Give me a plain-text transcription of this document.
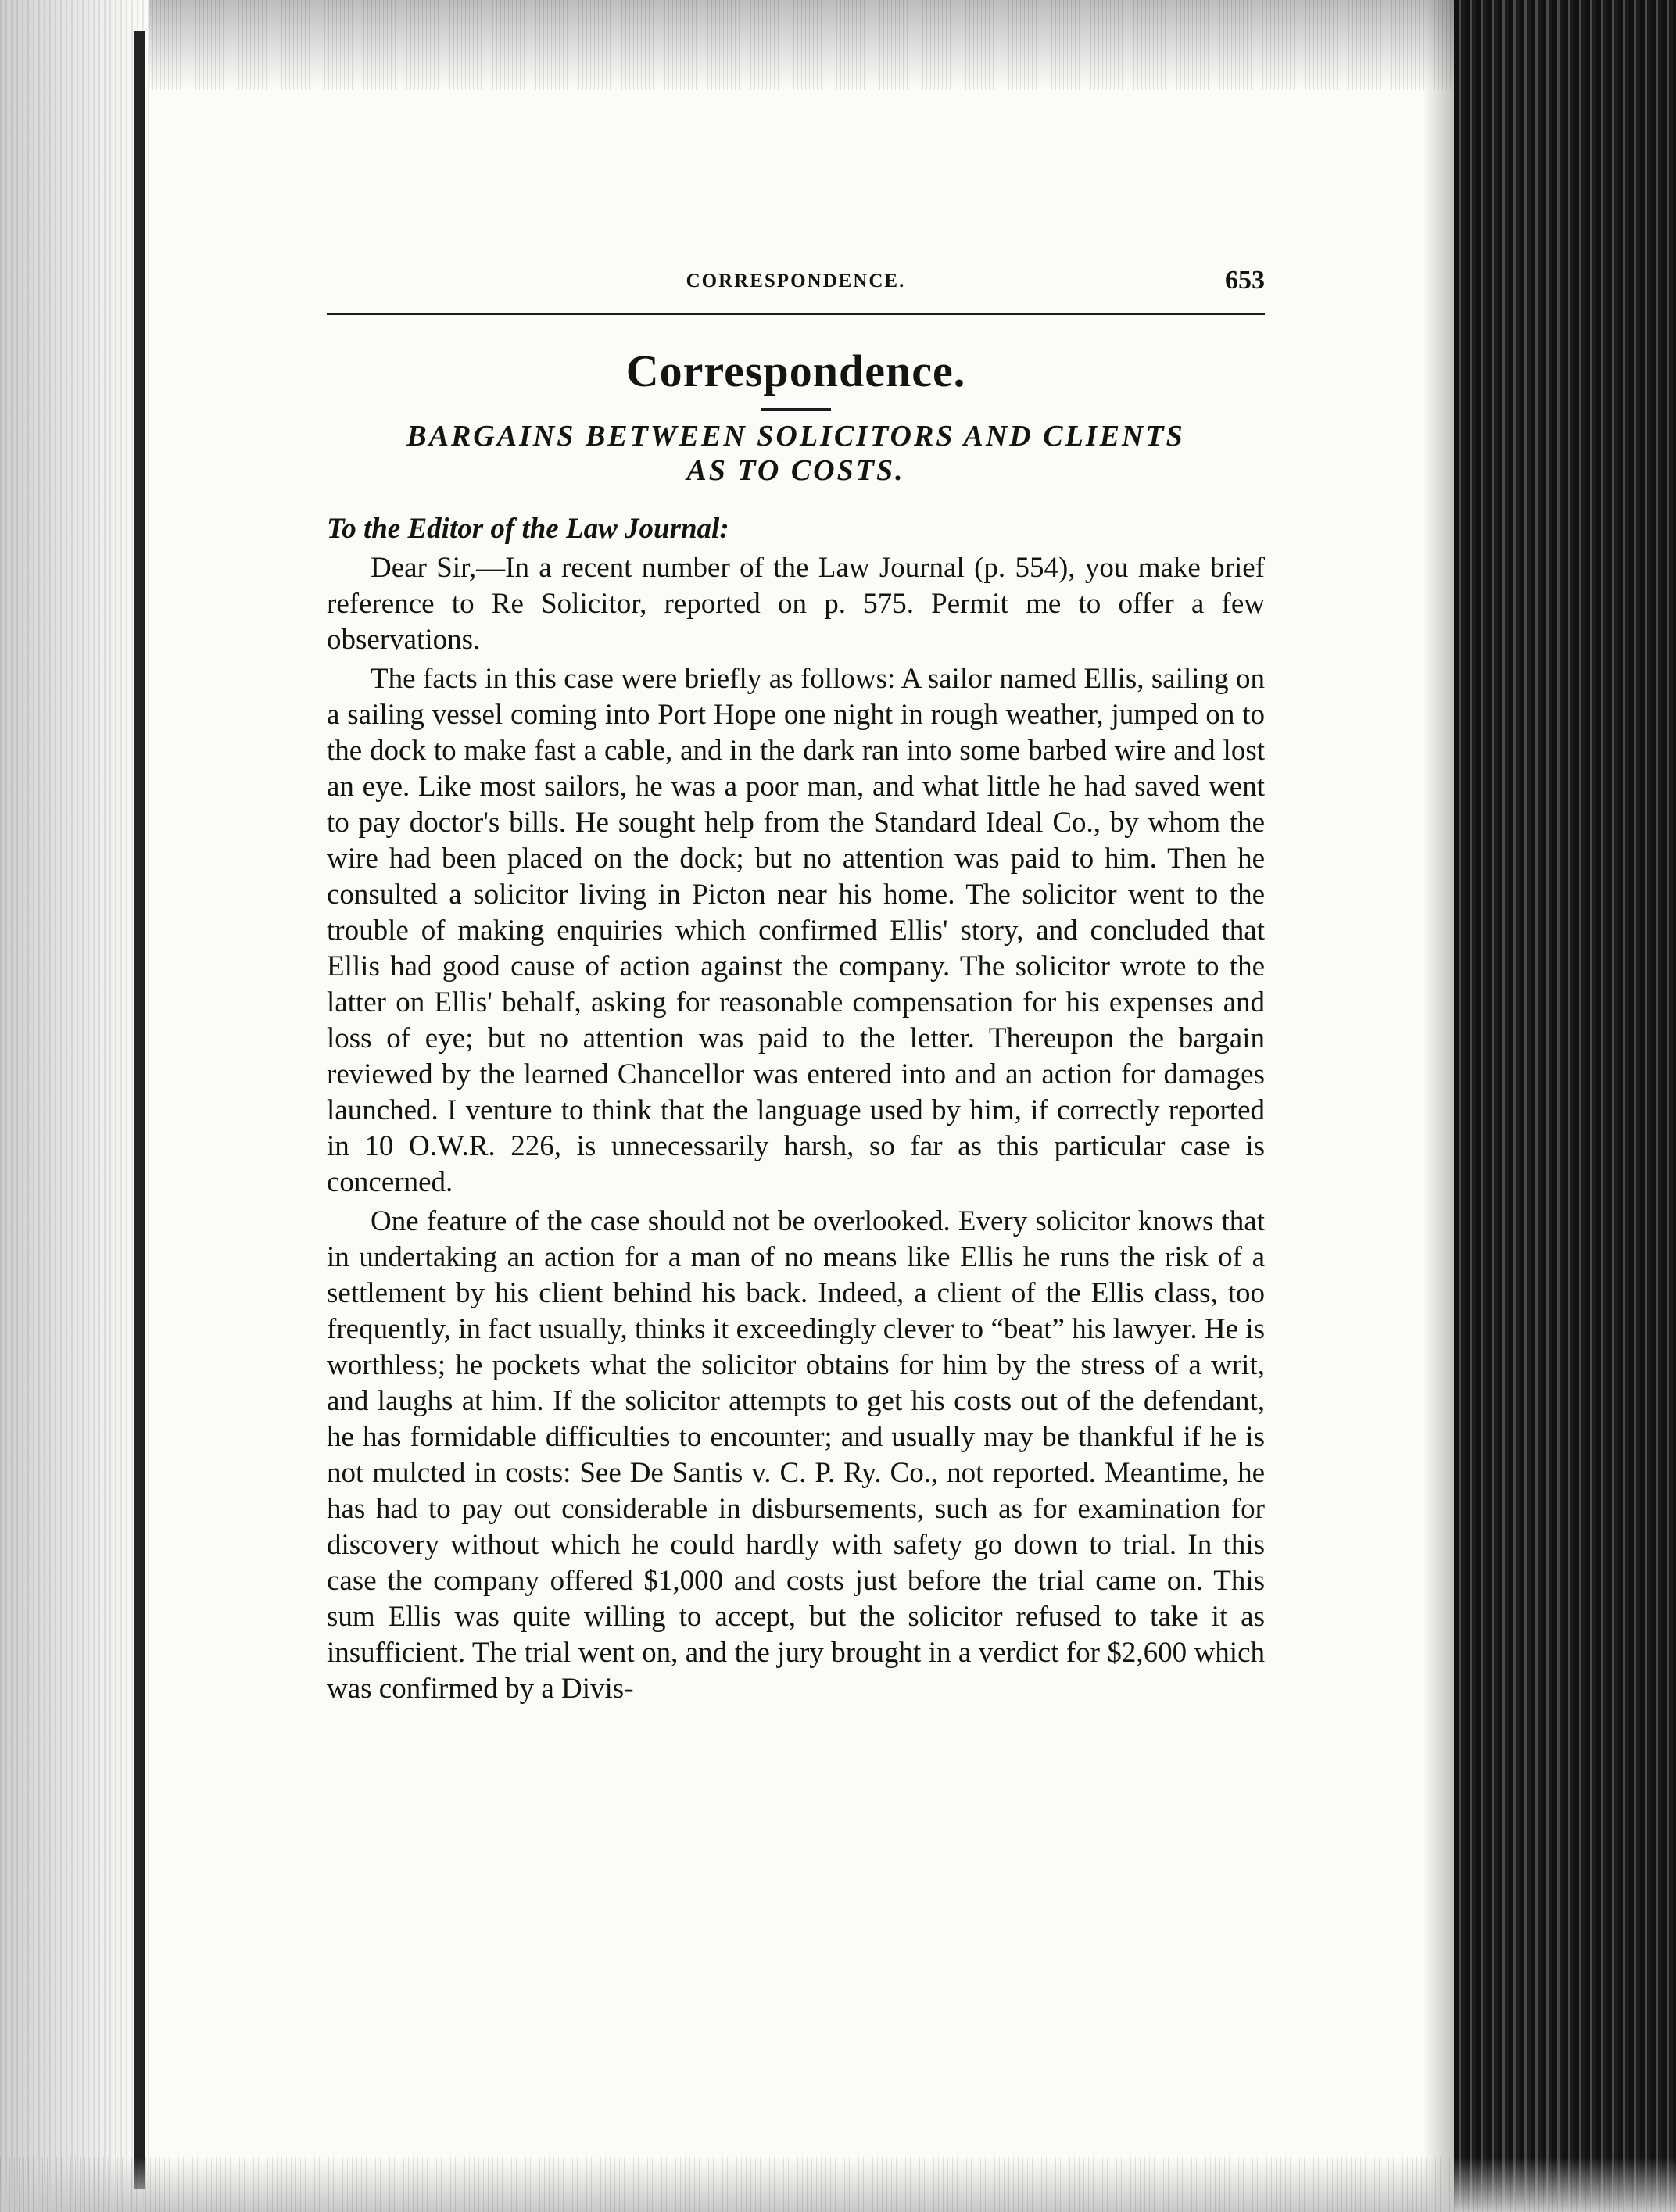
CORRESPONDENCE.	653
Correspondence.
BARGAINS BETWEEN SOLICITORS AND CLIENTS
AS TO COSTS.
To the Editor of the Law Journal:

Dear Sir,—In a recent number of the Law Journal (p. 554), you make brief reference to Re Solicitor, reported on p. 575. Permit me to offer a few observations.

The facts in this case were briefly as follows: A sailor named Ellis, sailing on a sailing vessel coming into Port Hope one night in rough weather, jumped on to the dock to make fast a cable, and in the dark ran into some barbed wire and lost an eye. Like most sailors, he was a poor man, and what little he had saved went to pay doctor's bills. He sought help from the Standard Ideal Co., by whom the wire had been placed on the dock; but no attention was paid to him. Then he consulted a solicitor living in Picton near his home. The solicitor went to the trouble of making enquiries which confirmed Ellis' story, and concluded that Ellis had good cause of action against the company. The solicitor wrote to the latter on Ellis' behalf, asking for reasonable compensation for his expenses and loss of eye; but no attention was paid to the letter. Thereupon the bargain reviewed by the learned Chancellor was entered into and an action for damages launched. I venture to think that the language used by him, if correctly reported in 10 O.W.R. 226, is unnecessarily harsh, so far as this particular case is concerned.

One feature of the case should not be overlooked. Every solicitor knows that in undertaking an action for a man of no means like Ellis he runs the risk of a settlement by his client behind his back. Indeed, a client of the Ellis class, too frequently, in fact usually, thinks it exceedingly clever to “beat” his lawyer. He is worthless; he pockets what the solicitor obtains for him by the stress of a writ, and laughs at him. If the solicitor attempts to get his costs out of the defendant, he has formidable difficulties to encounter; and usually may be thankful if he is not mulcted in costs: See De Santis v. C. P. Ry. Co., not reported. Meantime, he has had to pay out considerable in disbursements, such as for examination for discovery without which he could hardly with safety go down to trial. In this case the company offered $1,000 and costs just before the trial came on. This sum Ellis was quite willing to accept, but the solicitor refused to take it as insufficient. The trial went on, and the jury brought in a verdict for $2,600 which was confirmed by a Divis-
